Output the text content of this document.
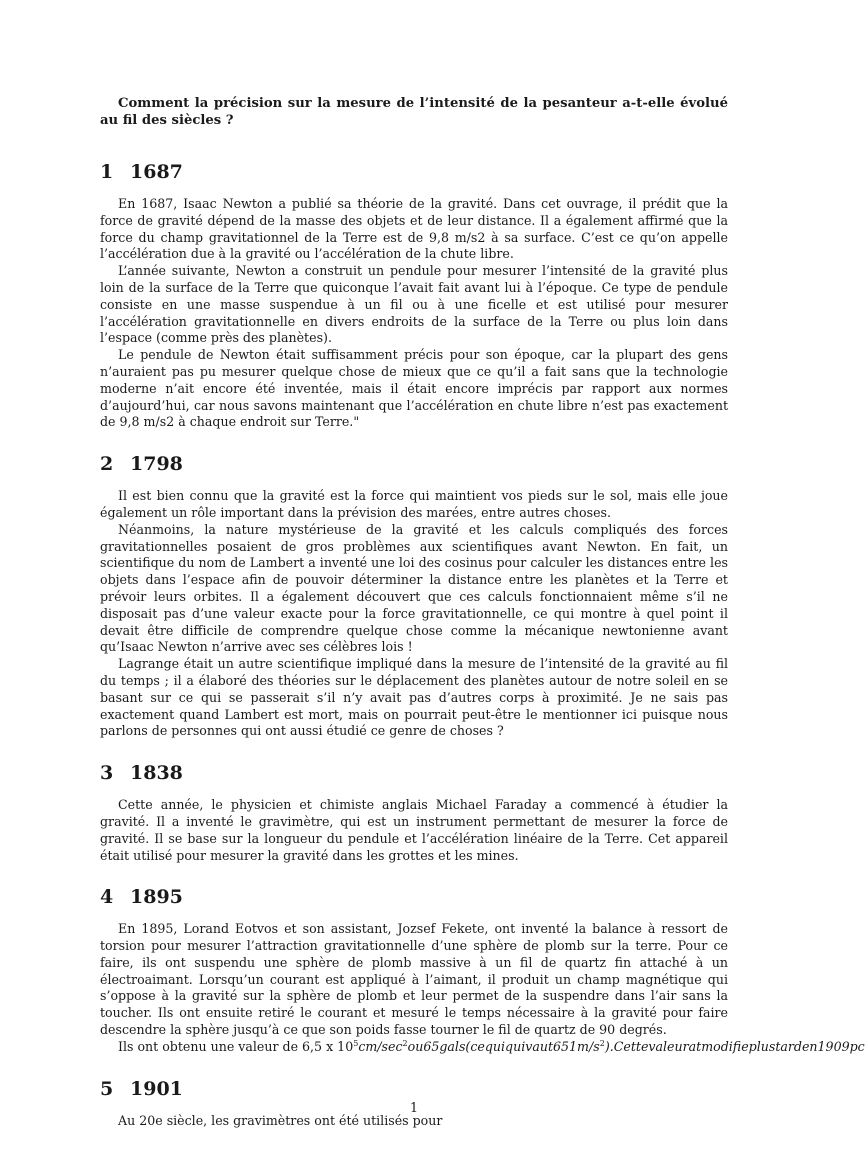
Comment la précision sur la mesure de l’intensité de la pesanteur a-t-elle évolué au fil des siècles ?

1 1687

En 1687, Isaac Newton a publié sa théorie de la gravité. Dans cet ouvrage, il prédit que la force de gravité dépend de la masse des objets et de leur distance. Il a également affirmé que la force du champ gravitationnel de la Terre est de 9,8 m/s2 à sa surface. C’est ce qu’on appelle l’accélération due à la gravité ou l’accélération de la chute libre.

L’année suivante, Newton a construit un pendule pour mesurer l’intensité de la gravité plus loin de la surface de la Terre que quiconque l’avait fait avant lui à l’époque. Ce type de pendule consiste en une masse suspendue à un fil ou à une ficelle et est utilisé pour mesurer l’accélération gravitationnelle en divers endroits de la surface de la Terre ou plus loin dans l’espace (comme près des planètes).

Le pendule de Newton était suffisamment précis pour son époque, car la plupart des gens n’auraient pas pu mesurer quelque chose de mieux que ce qu’il a fait sans que la technologie moderne n’ait encore été inventée, mais il était encore imprécis par rapport aux normes d’aujourd’hui, car nous savons maintenant que l’accélération en chute libre n’est pas exactement de 9,8 m/s2 à chaque endroit sur Terre."

2 1798

Il est bien connu que la gravité est la force qui maintient vos pieds sur le sol, mais elle joue également un rôle important dans la prévision des marées, entre autres choses.

Néanmoins, la nature mystérieuse de la gravité et les calculs compliqués des forces gravitationnelles posaient de gros problèmes aux scientifiques avant Newton. En fait, un scientifique du nom de Lambert a inventé une loi des cosinus pour calculer les distances entre les objets dans l’espace afin de pouvoir déterminer la distance entre les planètes et la Terre et prévoir leurs orbites. Il a également découvert que ces calculs fonctionnaient même s’il ne disposait pas d’une valeur exacte pour la force gravitationnelle, ce qui montre à quel point il devait être difficile de comprendre quelque chose comme la mécanique newtonienne avant qu’Isaac Newton n’arrive avec ses célèbres lois !

Lagrange était un autre scientifique impliqué dans la mesure de l’intensité de la gravité au fil du temps ; il a élaboré des théories sur le déplacement des planètes autour de notre soleil en se basant sur ce qui se passerait s’il n’y avait pas d’autres corps à proximité. Je ne sais pas exactement quand Lambert est mort, mais on pourrait peut-être le mentionner ici puisque nous parlons de personnes qui ont aussi étudié ce genre de choses ?

3 1838

Cette année, le physicien et chimiste anglais Michael Faraday a commencé à étudier la gravité. Il a inventé le gravimètre, qui est un instrument permettant de mesurer la force de gravité. Il se base sur la longueur du pendule et l’accélération linéaire de la Terre. Cet appareil était utilisé pour mesurer la gravité dans les grottes et les mines.

4 1895

En 1895, Lorand Eotvos et son assistant, Jozsef Fekete, ont inventé la balance à ressort de torsion pour mesurer l’attraction gravitationnelle d’une sphère de plomb sur la terre. Pour ce faire, ils ont suspendu une sphère de plomb massive à un fil de quartz fin attaché à un électroaimant. Lorsqu’un courant est appliqué à l’aimant, il produit un champ magnétique qui s’oppose à la gravité sur la sphère de plomb et leur permet de la suspendre dans l’air sans la toucher. Ils ont ensuite retiré le courant et mesuré le temps nécessaire à la gravité pour faire descendre la sphère jusqu’à ce que son poids fasse tourner le fil de quartz de 90 degrés.

Ils ont obtenu une valeur de 6,5 x $10^5cm/\sec^2ou65gals(cequiquivaut651m/s^2).Cettevaleuratmodifieplustarden1909pc$

5 1901

Au 20e siècle, les gravimètres ont été utilisés pour

1
